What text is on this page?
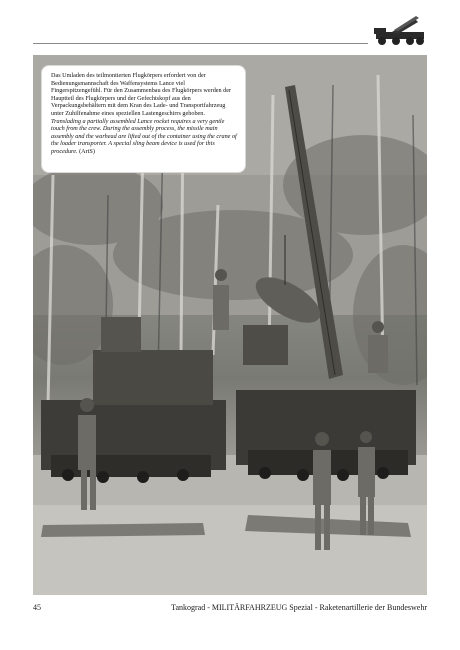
Das Umladen des teilmontierten Flugkörpers erfordert von der Bedienungsmannschaft des Waffensystems Lance viel Fingerspitzengefühl. Für den Zusammenbau des Flugkörpers werden der Hauptteil des Flugkörpers und der Gefechtskopf aus den Verpackungsbehältern mit dem Kran des Lade- und Transportfahrzeug unter Zuhilfenahme eines speziellen Lastengeschirrs gehoben.

Translading a partially assembled Lance rocket requires a very gentle touch from the crew. During the assembly process, the missile main assembly and the warhead are lifted out of the container using the crane of the loader transporter. A special sling beam device is used for this procedure. (ArtS)

45	Tankograd - MILITÄRFAHRZEUG Spezial - Raketenartillerie der Bundeswehr
